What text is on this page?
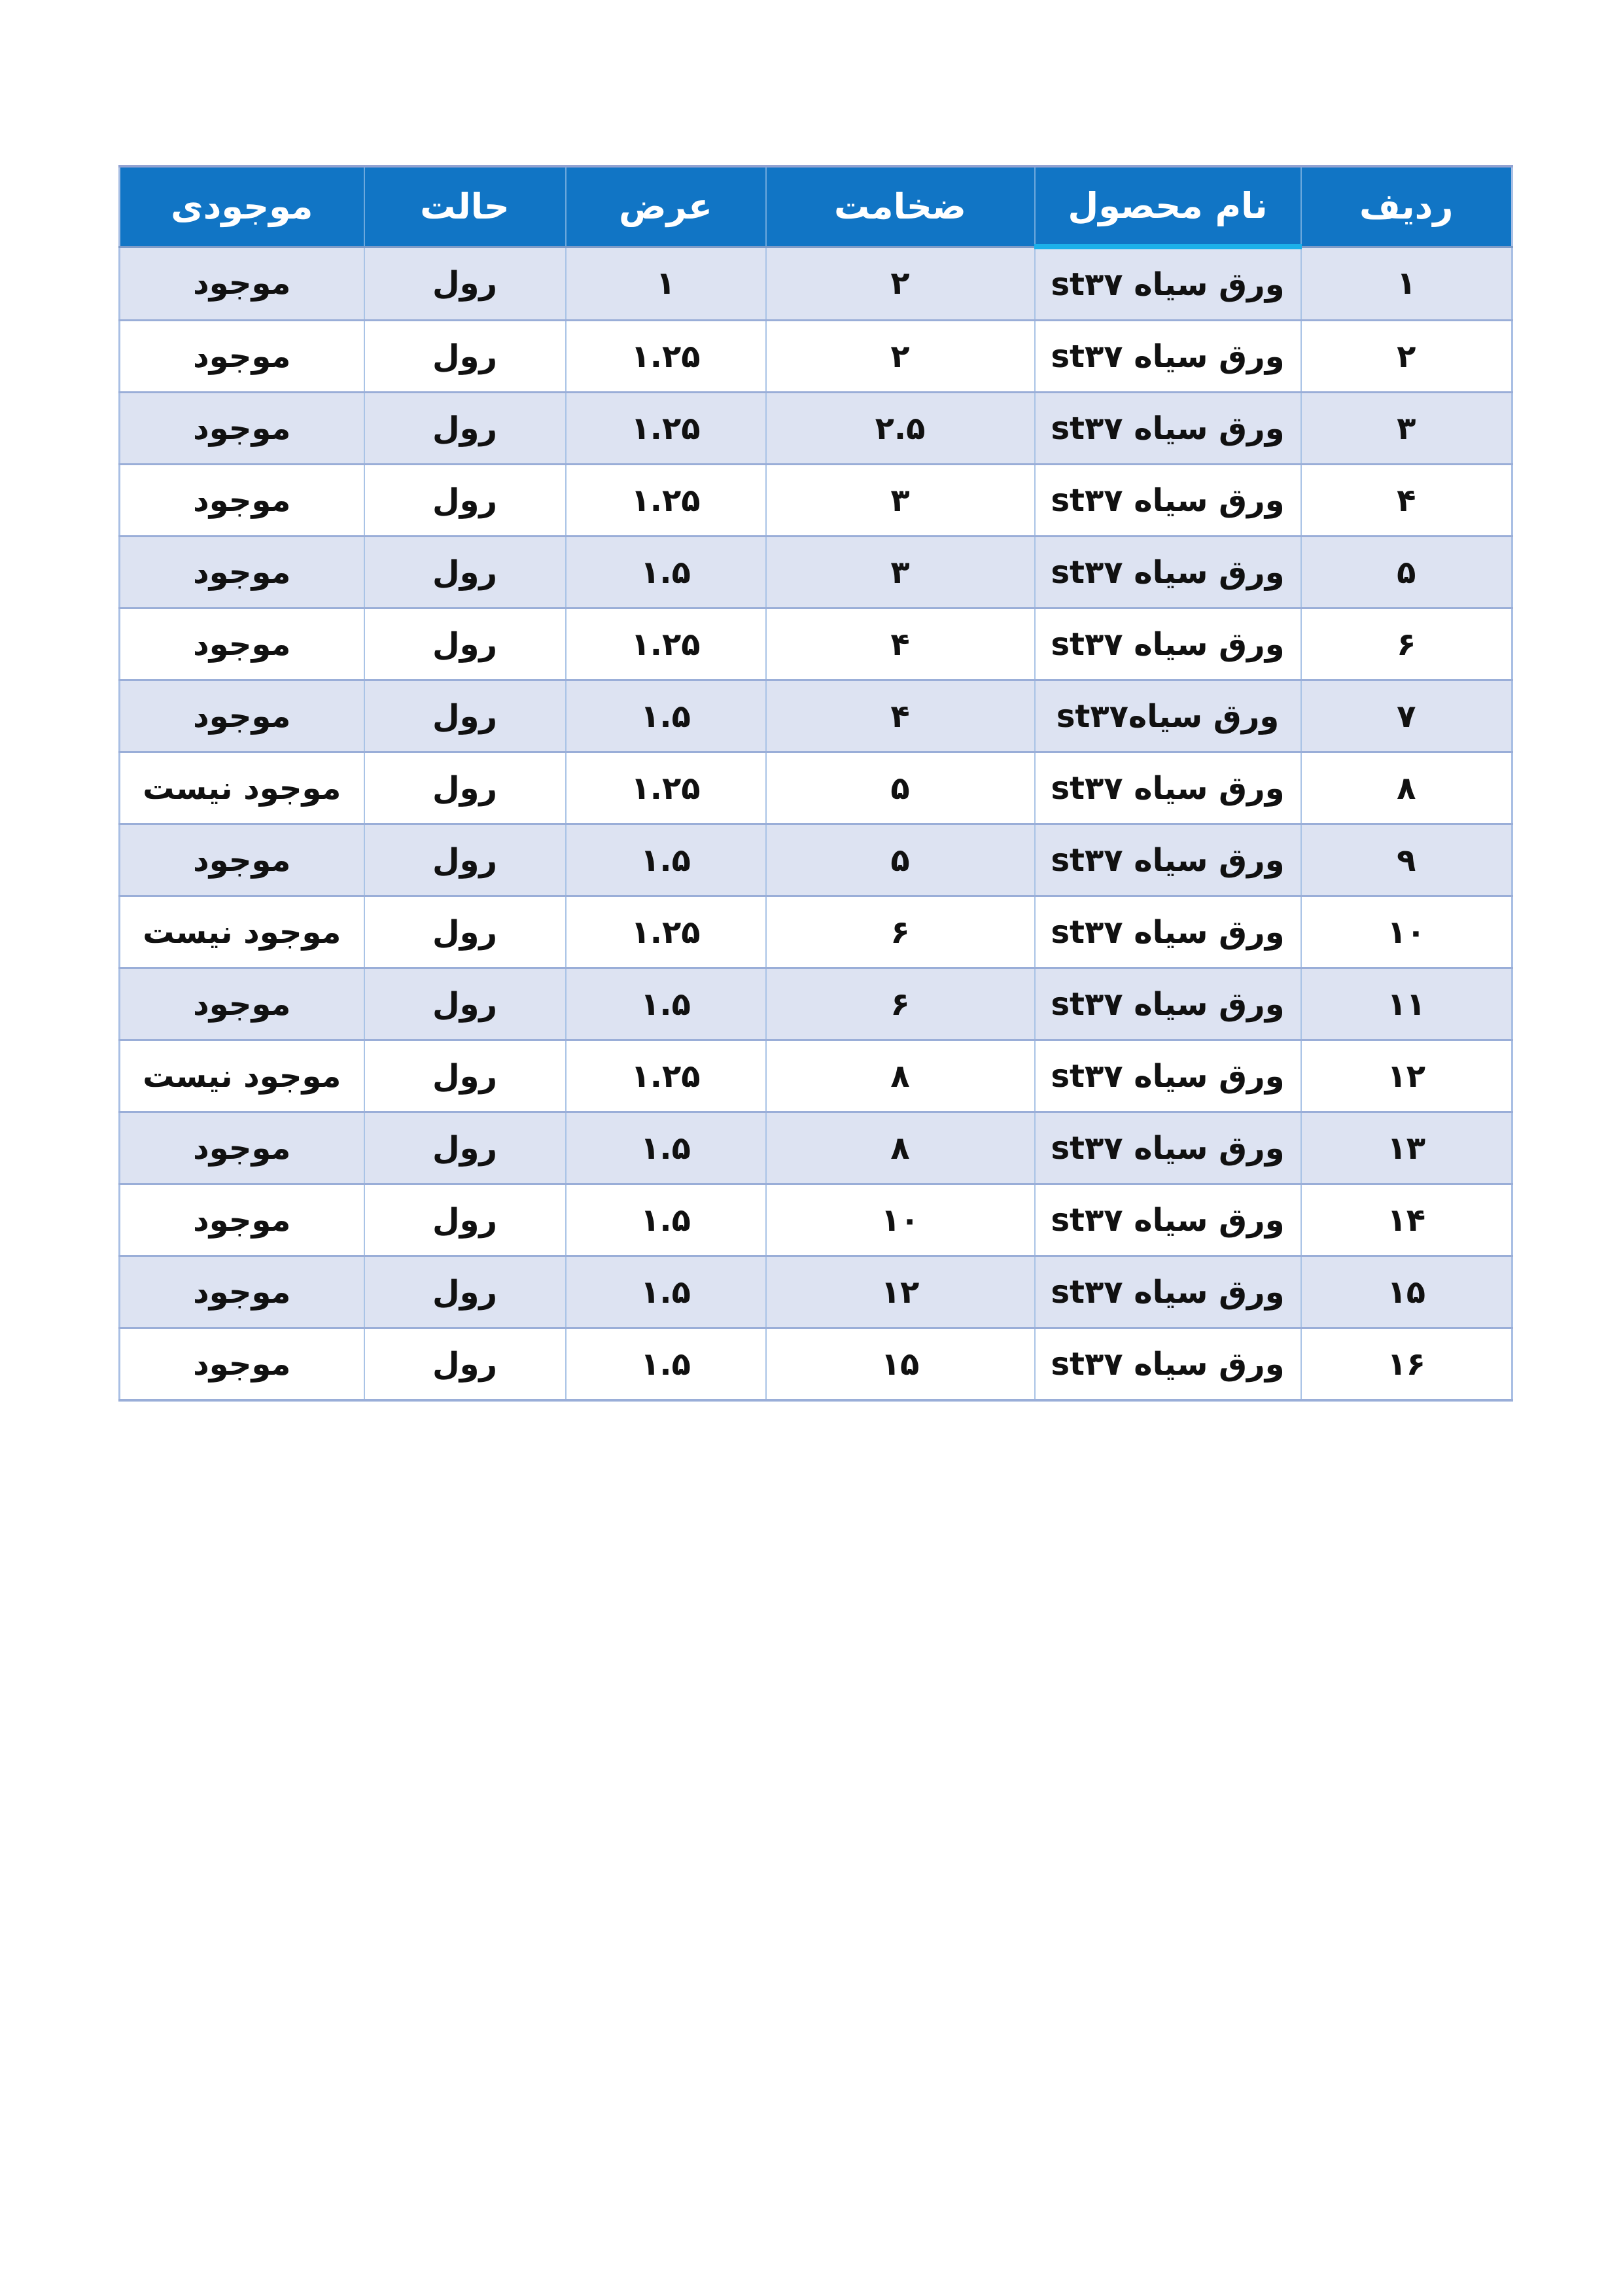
ردیف	نام محصول	ضخامت	عرض	حالت	موجودی
۱	ورق سیاه st۳۷	۲	۱	رول	موجود
۲	ورق سیاه st۳۷	۲	۱.۲۵	رول	موجود
۳	ورق سیاه st۳۷	۲.۵	۱.۲۵	رول	موجود
۴	ورق سیاه st۳۷	۳	۱.۲۵	رول	موجود
۵	ورق سیاه st۳۷	۳	۱.۵	رول	موجود
۶	ورق سیاه st۳۷	۴	۱.۲۵	رول	موجود
۷	ورق سیاهst۳۷	۴	۱.۵	رول	موجود
۸	ورق سیاه st۳۷	۵	۱.۲۵	رول	موجود نیست
۹	ورق سیاه st۳۷	۵	۱.۵	رول	موجود
۱۰	ورق سیاه st۳۷	۶	۱.۲۵	رول	موجود نیست
۱۱	ورق سیاه st۳۷	۶	۱.۵	رول	موجود
۱۲	ورق سیاه st۳۷	۸	۱.۲۵	رول	موجود نیست
۱۳	ورق سیاه st۳۷	۸	۱.۵	رول	موجود
۱۴	ورق سیاه st۳۷	۱۰	۱.۵	رول	موجود
۱۵	ورق سیاه st۳۷	۱۲	۱.۵	رول	موجود
۱۶	ورق سیاه st۳۷	۱۵	۱.۵	رول	موجود
